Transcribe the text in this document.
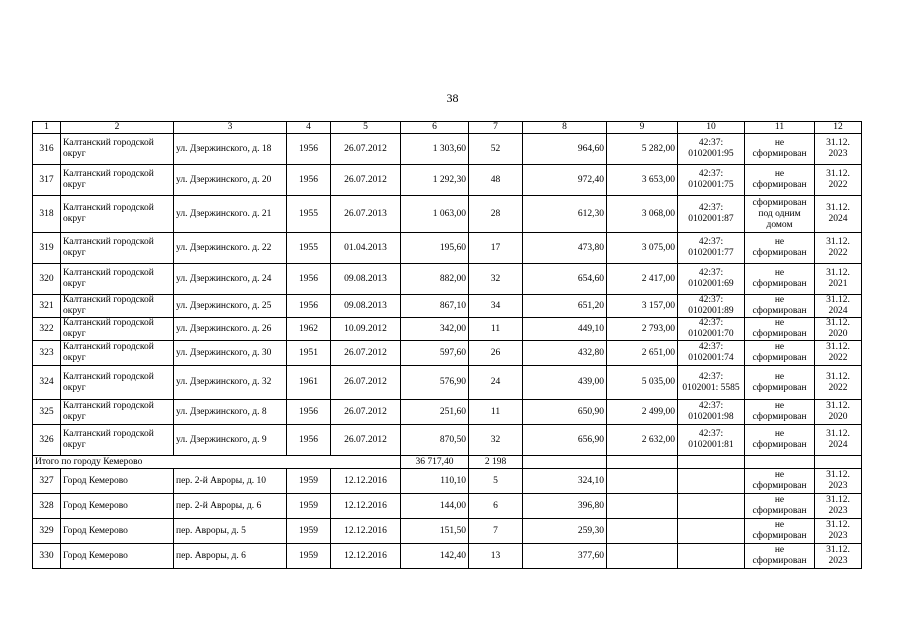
38
1	2	3	4	5	6	7	8	9	10	11	12
316	Калтанский городской округ	ул. Дзержинского, д. 18	1956	26.07.2012	1 303,60	52	964,60	5 282,00	42:37: 0102001:95	не сформирован	31.12. 2023
317	Калтанский городской округ	ул. Дзержинского, д. 20	1956	26.07.2012	1 292,30	48	972,40	3 653,00	42:37: 0102001:75	не сформирован	31.12. 2022
318	Калтанский городской округ	ул. Дзержинского. д. 21	1955	26.07.2013	1 063,00	28	612,30	3 068,00	42:37: 0102001:87	сформирован под одним домом	31.12. 2024
319	Калтанский городской округ	ул. Дзержинского. д. 22	1955	01.04.2013	195,60	17	473,80	3 075,00	42:37: 0102001:77	не сформирован	31.12. 2022
320	Калтанский городской округ	ул. Дзержинского, д. 24	1956	09.08.2013	882,00	32	654,60	2 417,00	42:37: 0102001:69	не сформирован	31.12. 2021
321	Калтанский городской округ	ул. Дзержинского, д. 25	1956	09.08.2013	867,10	34	651,20	3 157,00	42:37: 0102001:89	не сформирован	31.12. 2024
322	Калтанский городской округ	ул. Дзержинского. д. 26	1962	10.09.2012	342,00	11	449,10	2 793,00	42:37: 0102001:70	не сформирован	31.12. 2020
323	Калтанский городской округ	ул. Дзержинского, д. 30	1951	26.07.2012	597,60	26	432,80	2 651,00	42:37: 0102001:74	не сформирован	31.12. 2022
324	Калтанский городской округ	ул. Дзержинского, д. 32	1961	26.07.2012	576,90	24	439,00	5 035,00	42:37: 0102001: 5585	не сформирован	31.12. 2022
325	Калтанский городской округ	ул. Дзержинского, д. 8	1956	26.07.2012	251,60	11	650,90	2 499,00	42:37: 0102001:98	не сформирован	31.12. 2020
326	Калтанский городской округ	ул. Дзержинского, д. 9	1956	26.07.2012	870,50	32	656,90	2 632,00	42:37: 0102001:81	не сформирован	31.12. 2024
Итого по городу Кемерово					36 717,40	2 198					
327	Город Кемерово	пер. 2-й Авроры, д. 10	1959	12.12.2016	110,10	5	324,10			не сформирован	31.12. 2023
328	Город Кемерово	пер. 2-й Авроры, д. 6	1959	12.12.2016	144,00	6	396,80			не сформирован	31.12. 2023
329	Город Кемерово	пер. Авроры, д. 5	1959	12.12.2016	151,50	7	259,30			не сформирован	31.12. 2023
330	Город Кемерово	пер. Авроры, д. 6	1959	12.12.2016	142,40	13	377,60			не сформирован	31.12. 2023
